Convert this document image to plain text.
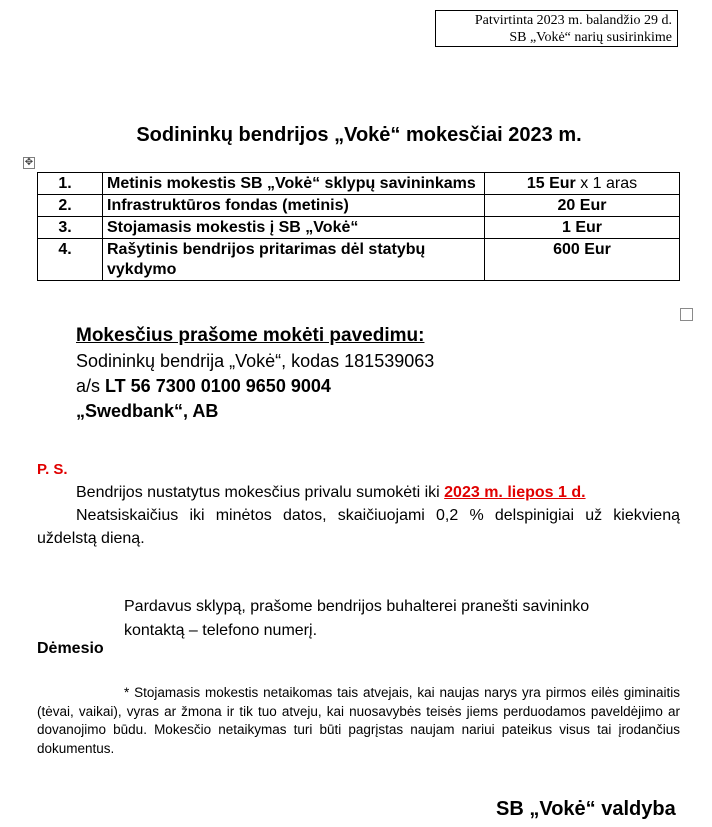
Patvirtinta 2023 m. balandžio 29 d.
SB „Vokė“ narių susirinkime
Sodininkų bendrijos „Vokė“ mokesčiai 2023 m.
✥
1.	Metinis mokestis SB „Vokė“ sklypų savininkams	15 Eur x 1 aras
2.	Infrastruktūros fondas (metinis)	20 Eur
3.	Stojamasis mokestis į SB „Vokė“	1 Eur
4.	Rašytinis bendrijos pritarimas dėl statybų vykdymo	600 Eur
Mokesčius prašome mokėti pavedimu:
Sodininkų bendrija „Vokė“, kodas 181539063
a/s LT 56 7300 0100 9650 9004
„Swedbank“, AB
P. S.
Bendrijos nustatytus mokesčius privalu sumokėti iki 2023 m. liepos 1 d.
Neatsiskaičius iki minėtos datos, skaičiuojami 0,2 % delspinigiai už kiekvieną uždelstą dieną.
Pardavus sklypą, prašome bendrijos buhalterei pranešti savininko kontaktą – telefono numerį.
Dėmesio
* Stojamasis mokestis netaikomas tais atvejais, kai naujas narys yra pirmos eilės giminaitis (tėvai, vaikai), vyras ar žmona ir tik tuo atveju, kai nuosavybės teisės jiems perduodamos paveldėjimo ar dovanojimo būdu. Mokesčio netaikymas turi būti pagrįstas naujam nariui pateikus visus tai įrodančius dokumentus.
SB „Vokė“ valdyba
